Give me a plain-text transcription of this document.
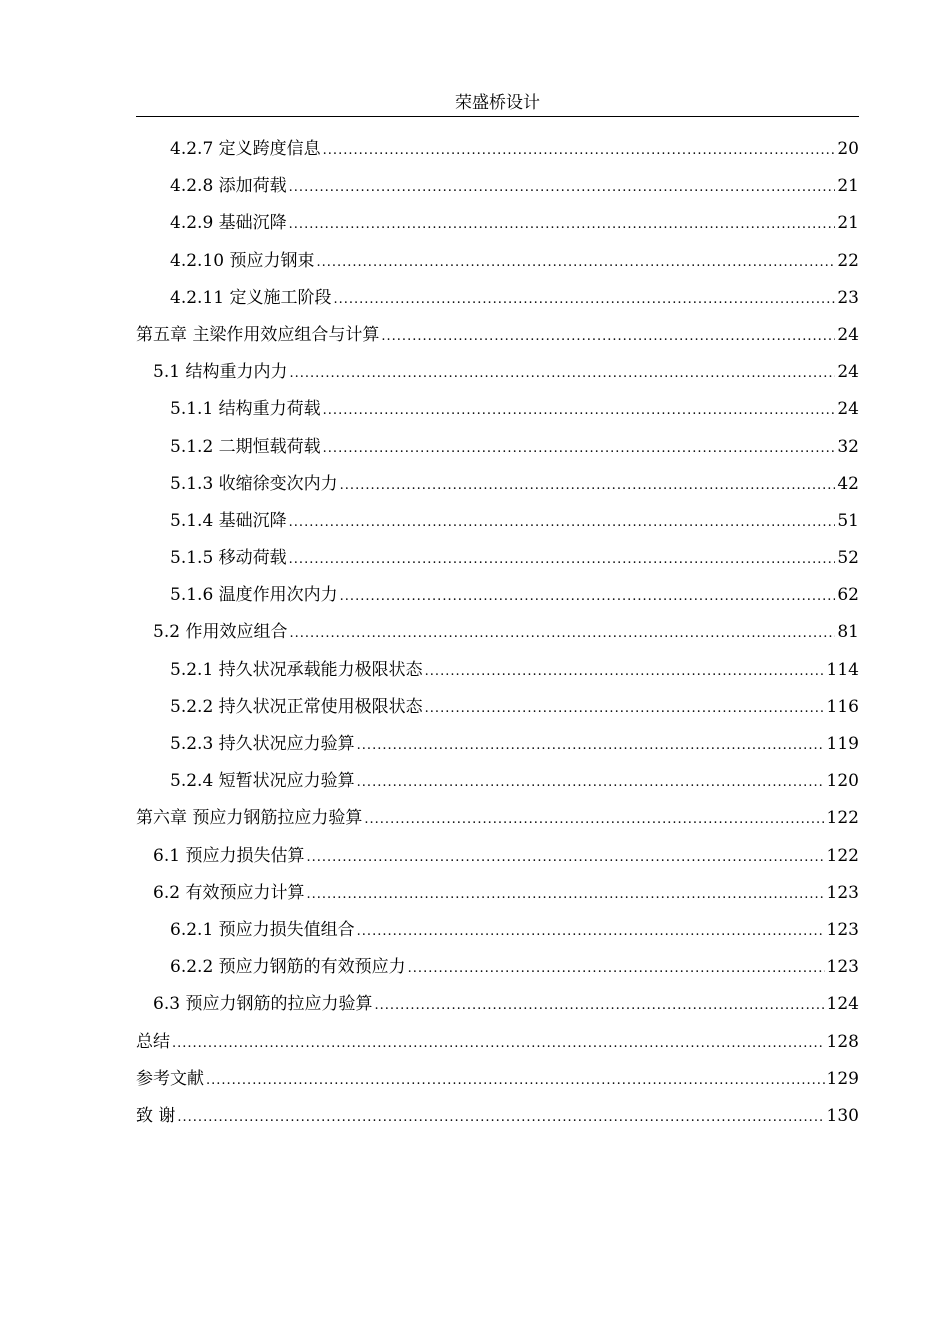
荣盛桥设计
4.2.7 定义跨度信息 .....	20
4.2.8 添加荷载 .....	21
4.2.9 基础沉降 .....	21
4.2.10 预应力钢束 .....	22
4.2.11 定义施工阶段 .....	23
第五章 主梁作用效应组合与计算 .....	24
5.1 结构重力内力 .....	24
5.1.1 结构重力荷载 .....	24
5.1.2 二期恒载荷载 .....	32
5.1.3 收缩徐变次内力 .....	42
5.1.4 基础沉降 .....	51
5.1.5 移动荷载 .....	52
5.1.6 温度作用次内力 .....	62
5.2 作用效应组合 .....	81
5.2.1 持久状况承载能力极限状态 .....	114
5.2.2 持久状况正常使用极限状态 .....	116
5.2.3 持久状况应力验算 .....	119
5.2.4 短暂状况应力验算 .....	120
第六章 预应力钢筋拉应力验算 .....	122
6.1 预应力损失估算 .....	122
6.2 有效预应力计算 .....	123
6.2.1 预应力损失值组合 .....	123
6.2.2 预应力钢筋的有效预应力 .....	123
6.3 预应力钢筋的拉应力验算 .....	124
总结 .....	128
参考文献 .....	129
致 谢 .....	130
